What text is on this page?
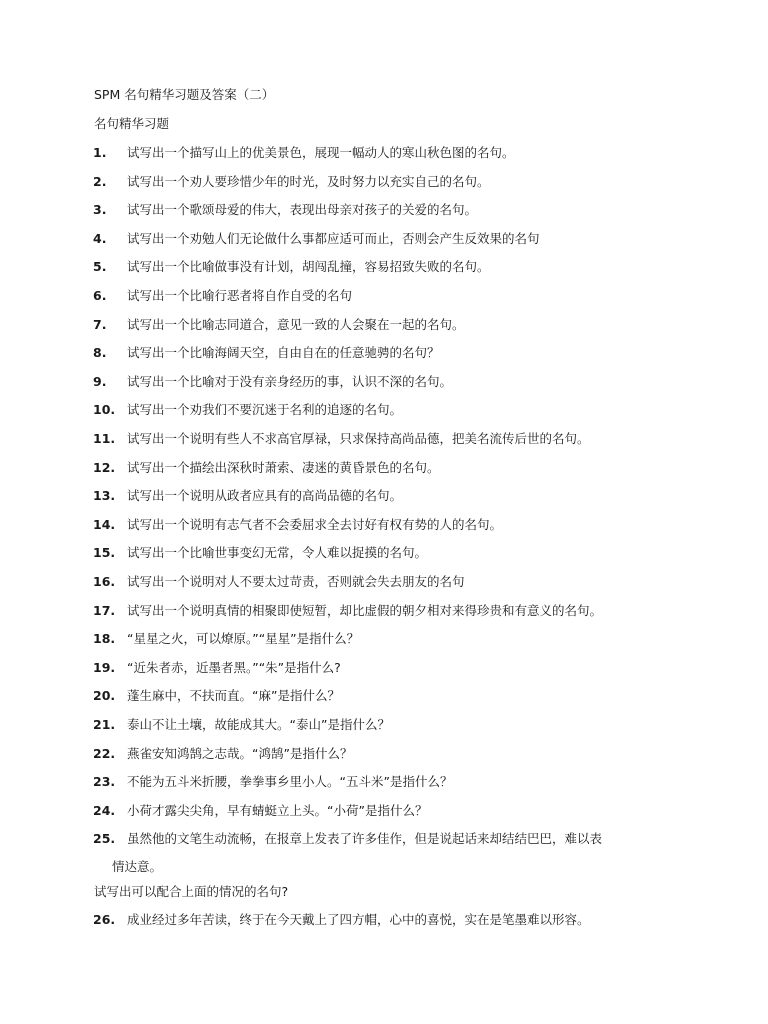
SPM 名句精华习题及答案（二）
名句精华习题
1. 试写出一个描写山上的优美景色，展现一幅动人的寒山秋色图的名句。
2. 试写出一个劝人要珍惜少年的时光，及时努力以充实自己的名句。
3. 试写出一个歌颂母爱的伟大，表现出母亲对孩子的关爱的名句。
4. 试写出一个劝勉人们无论做什么事都应适可而止，否则会产生反效果的名句
5. 试写出一个比喻做事没有计划，胡闯乱撞，容易招致失败的名句。
6. 试写出一个比喻行恶者将自作自受的名句
7. 试写出一个比喻志同道合，意见一致的人会聚在一起的名句。
8. 试写出一个比喻海阔天空，自由自在的任意驰骋的名句？
9. 试写出一个比喻对于没有亲身经历的事，认识不深的名句。
10. 试写出一个劝我们不要沉迷于名利的追逐的名句。
11. 试写出一个说明有些人不求高官厚禄，只求保持高尚品德，把美名流传后世的名句。
12. 试写出一个描绘出深秋时萧索、凄迷的黄昏景色的名句。
13. 试写出一个说明从政者应具有的高尚品德的名句。
14. 试写出一个说明有志气者不会委屈求全去讨好有权有势的人的名句。
15. 试写出一个比喻世事变幻无常，令人难以捉摸的名句。
16. 试写出一个说明对人不要太过苛责，否则就会失去朋友的名句
17. 试写出一个说明真情的相聚即使短暂，却比虚假的朝夕相对来得珍贵和有意义的名句。
18. “星星之火，可以燎原。”“星星”是指什么？
19. “近朱者赤，近墨者黑。”“朱”是指什么?
20. 蓬生麻中，不扶而直。“麻”是指什么？
21. 泰山不让土壤，故能成其大。“泰山”是指什么？
22. 燕雀安知鸿鹄之志哉。“鸿鹄”是指什么？
23. 不能为五斗米折腰，拳拳事乡里小人。“五斗米”是指什么？
24. 小荷才露尖尖角，早有蜻蜓立上头。“小荷”是指什么？
25. 虽然他的文笔生动流畅，在报章上发表了许多佳作，但是说起话来却结结巴巴，难以表
情达意。
试写出可以配合上面的情况的名句?
26. 成业经过多年苦读，终于在今天戴上了四方帽，心中的喜悦，实在是笔墨难以形容。
